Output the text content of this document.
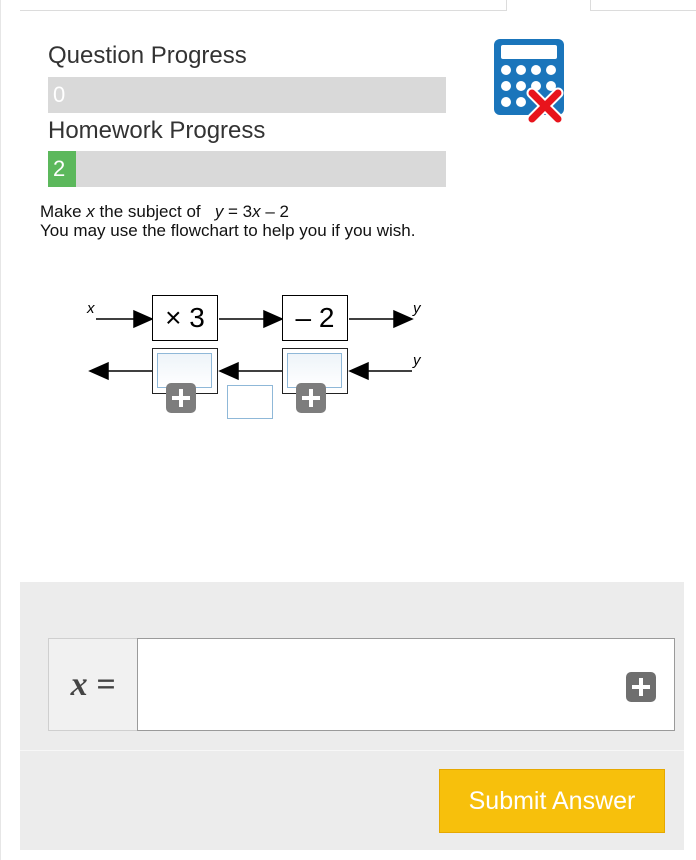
Question Progress
0
Homework Progress
2
Make x the subject of   y = 3x – 2
You may use the flowchart to help you if you wish.
x	× 3	– 2	y
y
x =
Submit Answer
